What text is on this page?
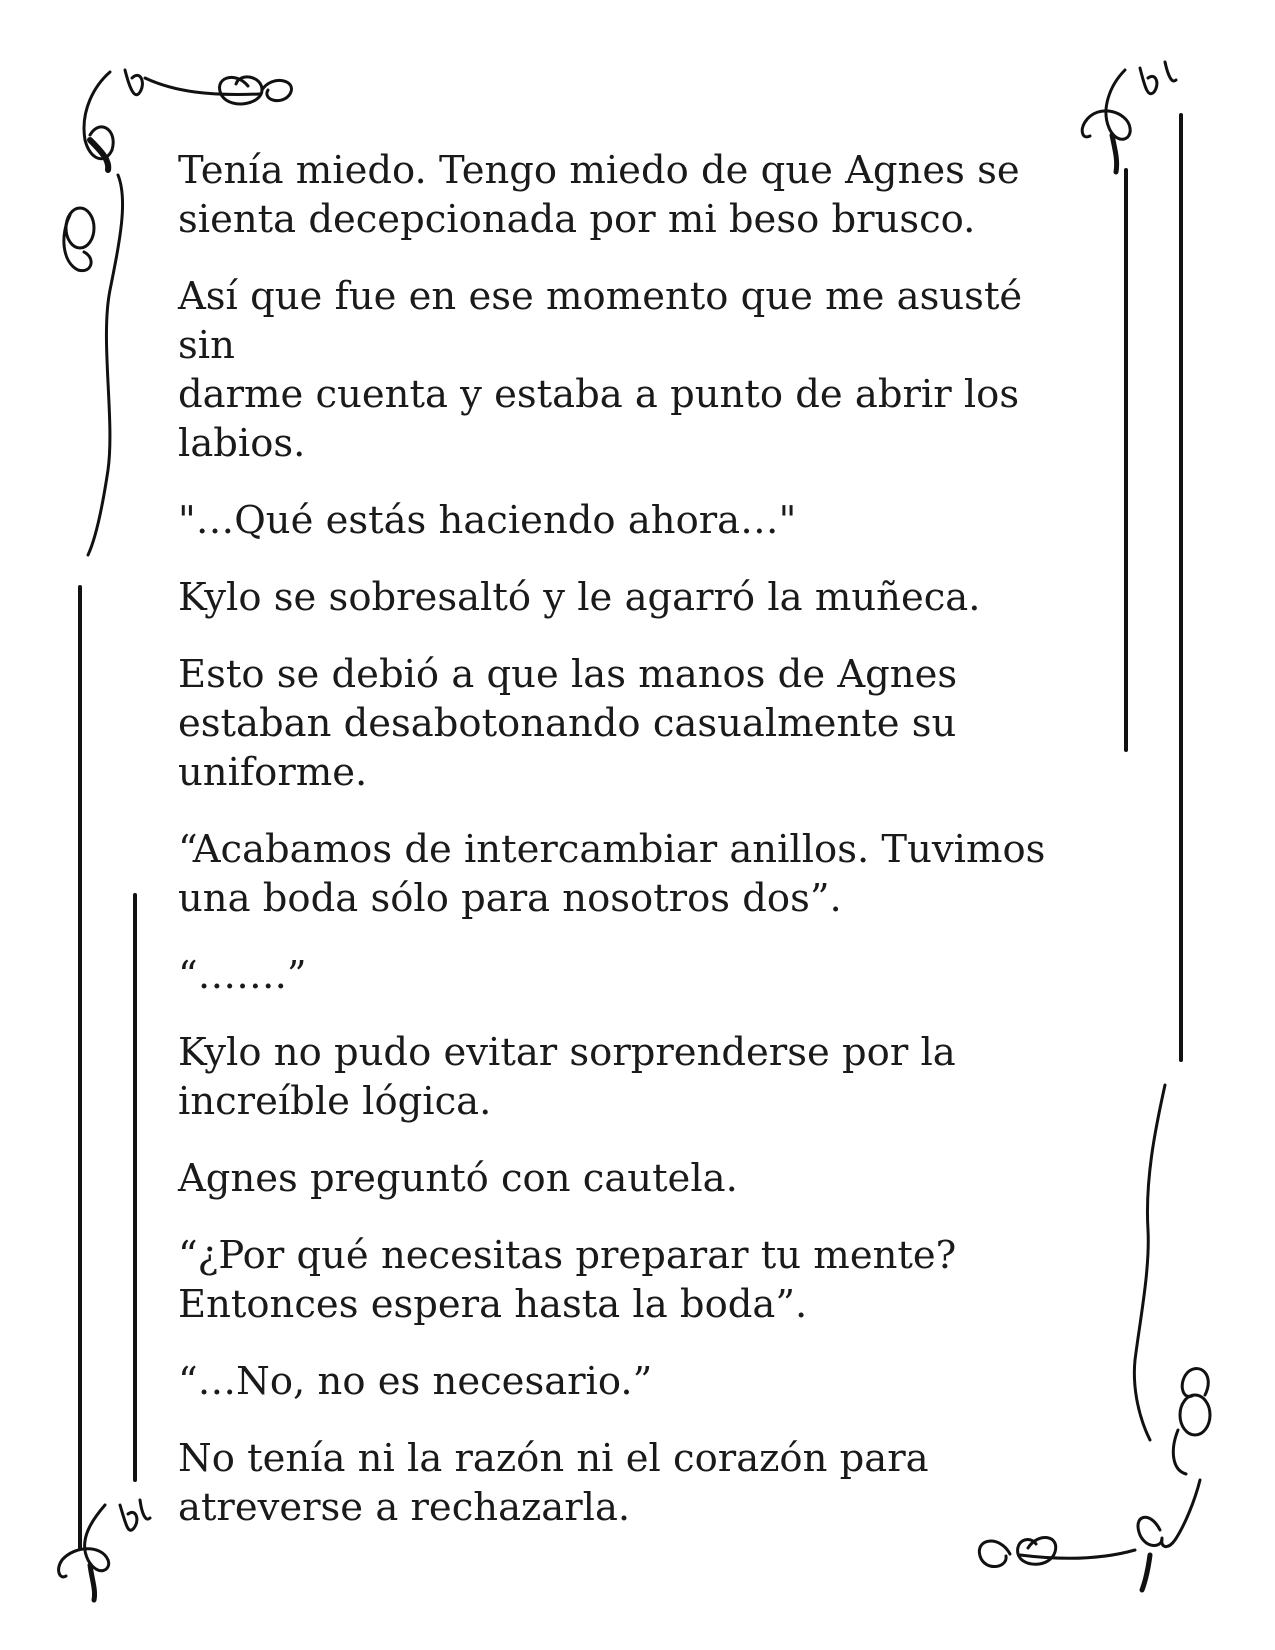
Tenía miedo. Tengo miedo de que Agnes se
sienta decepcionada por mi beso brusco.

Así que fue en ese momento que me asusté sin
darme cuenta y estaba a punto de abrir los
labios.

"…Qué estás haciendo ahora…"

Kylo se sobresaltó y le agarró la muñeca.

Esto se debió a que las manos de Agnes
estaban desabotonando casualmente su
uniforme.

“Acabamos de intercambiar anillos. Tuvimos
una boda sólo para nosotros dos”.

“…….”

Kylo no pudo evitar sorprenderse por la
increíble lógica.

Agnes preguntó con cautela.

“¿Por qué necesitas preparar tu mente?
Entonces espera hasta la boda”.

“…No, no es necesario.”

No tenía ni la razón ni el corazón para
atreverse a rechazarla.
